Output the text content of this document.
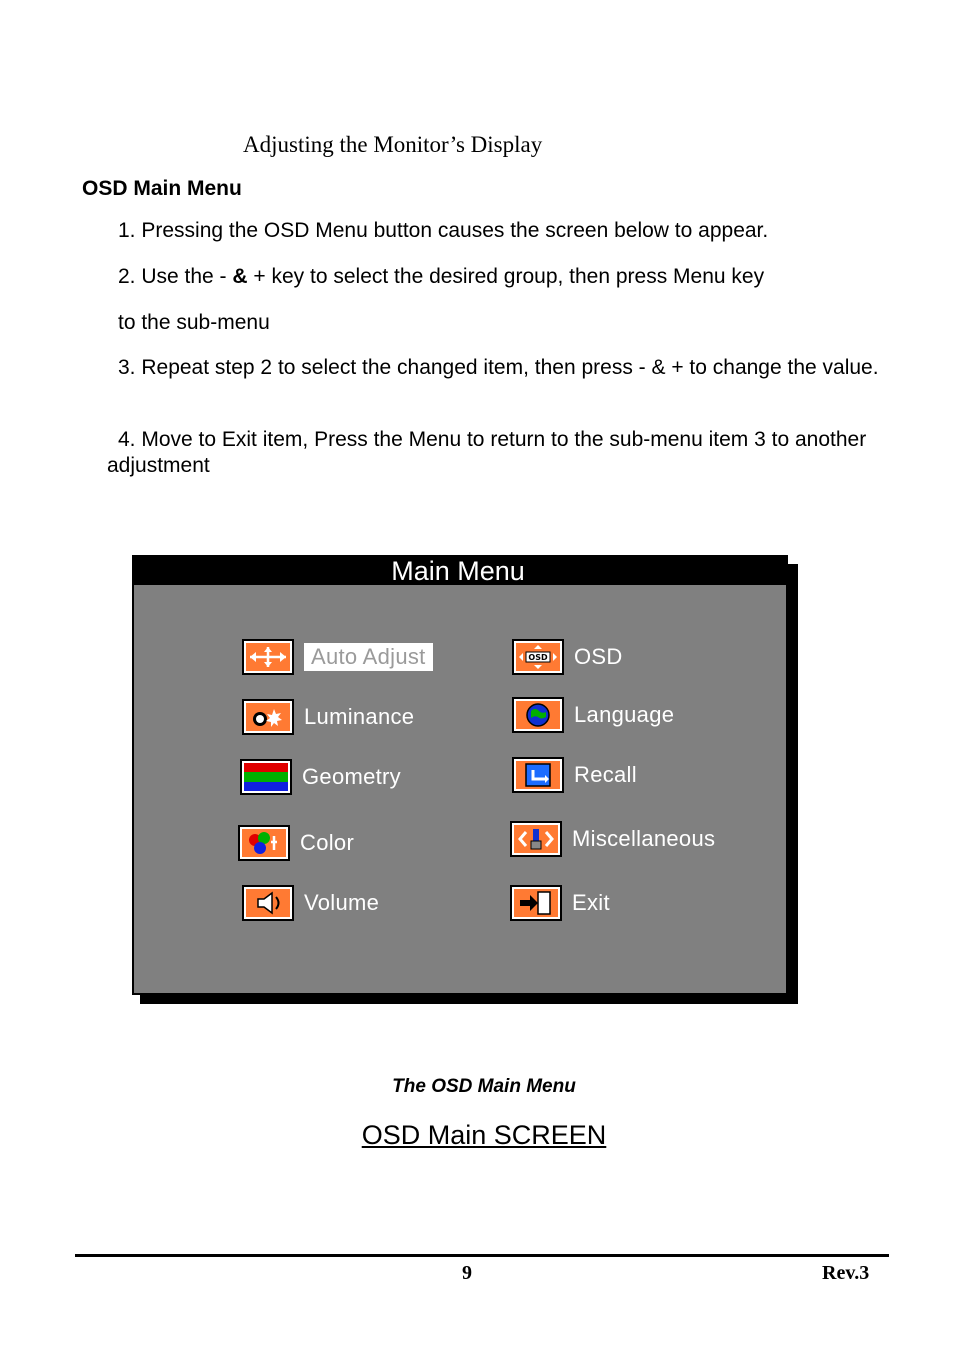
Adjusting the Monitor’s Display
OSD Main Menu
1. Pressing the OSD Menu button causes the screen below to appear.
2. Use the - & + key to select the desired group, then press Menu key
to the sub-menu
3. Repeat step 2 to select the changed item, then press - & + to change the value.
4. Move to Exit item, Press the Menu to return to the sub-menu item 3 to another adjustment
Main Menu
Auto Adjust
Luminance
Geometry
Color
Volume
OSD OSD
Language
Recall
Miscellaneous
Exit
The OSD Main Menu
OSD Main SCREEN
9	Rev.3
